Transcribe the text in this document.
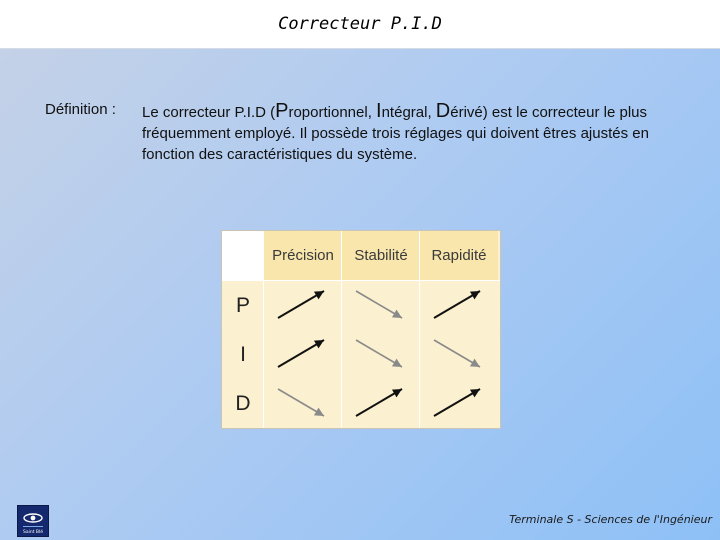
Correcteur P.I.D
Définition : Le correcteur P.I.D (Proportionnel, Intégral, Dérivé) est le correcteur le plus fréquemment employé. Il possède trois réglages qui doivent êtres ajustés en fonction des caractéristiques du système.
Précision	Stabilité	Rapidité
P
I
D
Saint Blé
Terminale S - Sciences de l'Ingénieur
